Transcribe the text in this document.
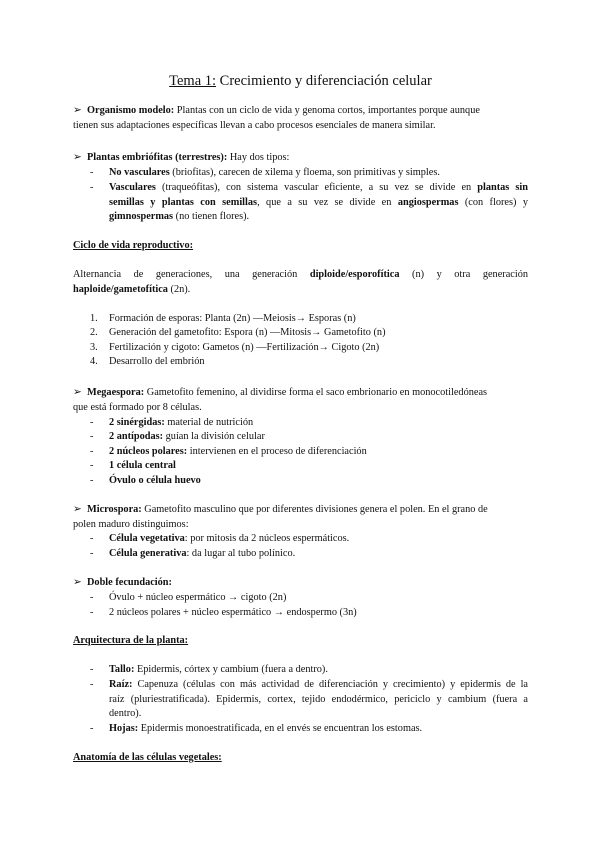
Tema 1: Crecimiento y diferenciación celular
➢ Organismo modelo: Plantas con un ciclo de vida y genoma cortos, importantes porque aunque
tienen sus adaptaciones específicas llevan a cabo procesos esenciales de manera similar.
➢ Plantas embriófitas (terrestres): Hay dos tipos:
- No vasculares (briofitas), carecen de xilema y floema, son primitivas y simples.
- Vasculares (traqueófitas), con sistema vascular eficiente, a su vez se divide en plantas sin
semillas y plantas con semillas, que a su vez se divide en angiospermas (con flores) y
gimnospermas (no tienen flores).
Ciclo de vida reproductivo:
Alternancia de generaciones, una generación diploide/esporofítica (n) y otra generación
haploide/gametofítica (2n).
1. Formación de esporas: Planta (2n) —Meiosis→ Esporas (n)
2. Generación del gametofito: Espora (n) —Mitosis→ Gametofito (n)
3. Fertilización y cigoto: Gametos (n) —Fertilización→ Cigoto (2n)
4. Desarrollo del embrión
➢ Megaespora: Gametofito femenino, al dividirse forma el saco embrionario en monocotiledóneas
que está formado por 8 células.
- 2 sinérgidas: material de nutrición
- 2 antípodas: guían la división celular
- 2 núcleos polares: intervienen en el proceso de diferenciación
- 1 célula central
- Óvulo o célula huevo
➢ Microspora: Gametofito masculino que por diferentes divisiones genera el polen. En el grano de
polen maduro distinguimos:
- Célula vegetativa: por mitosis da 2 núcleos espermáticos.
- Célula generativa: da lugar al tubo polínico.
➢ Doble fecundación:
- Óvulo + núcleo espermático → cigoto (2n)
- 2 núcleos polares + núcleo espermático → endospermo (3n)
Arquitectura de la planta:
- Tallo: Epidermis, córtex y cambium (fuera a dentro).
- Raíz: Capenuza (células con más actividad de diferenciación y crecimiento) y epidermis de la
raíz (pluriestratificada). Epidermis, cortex, tejido endodérmico, periciclo y cambium (fuera a
dentro).
- Hojas: Epidermis monoestratificada, en el envés se encuentran los estomas.
Anatomía de las células vegetales:
